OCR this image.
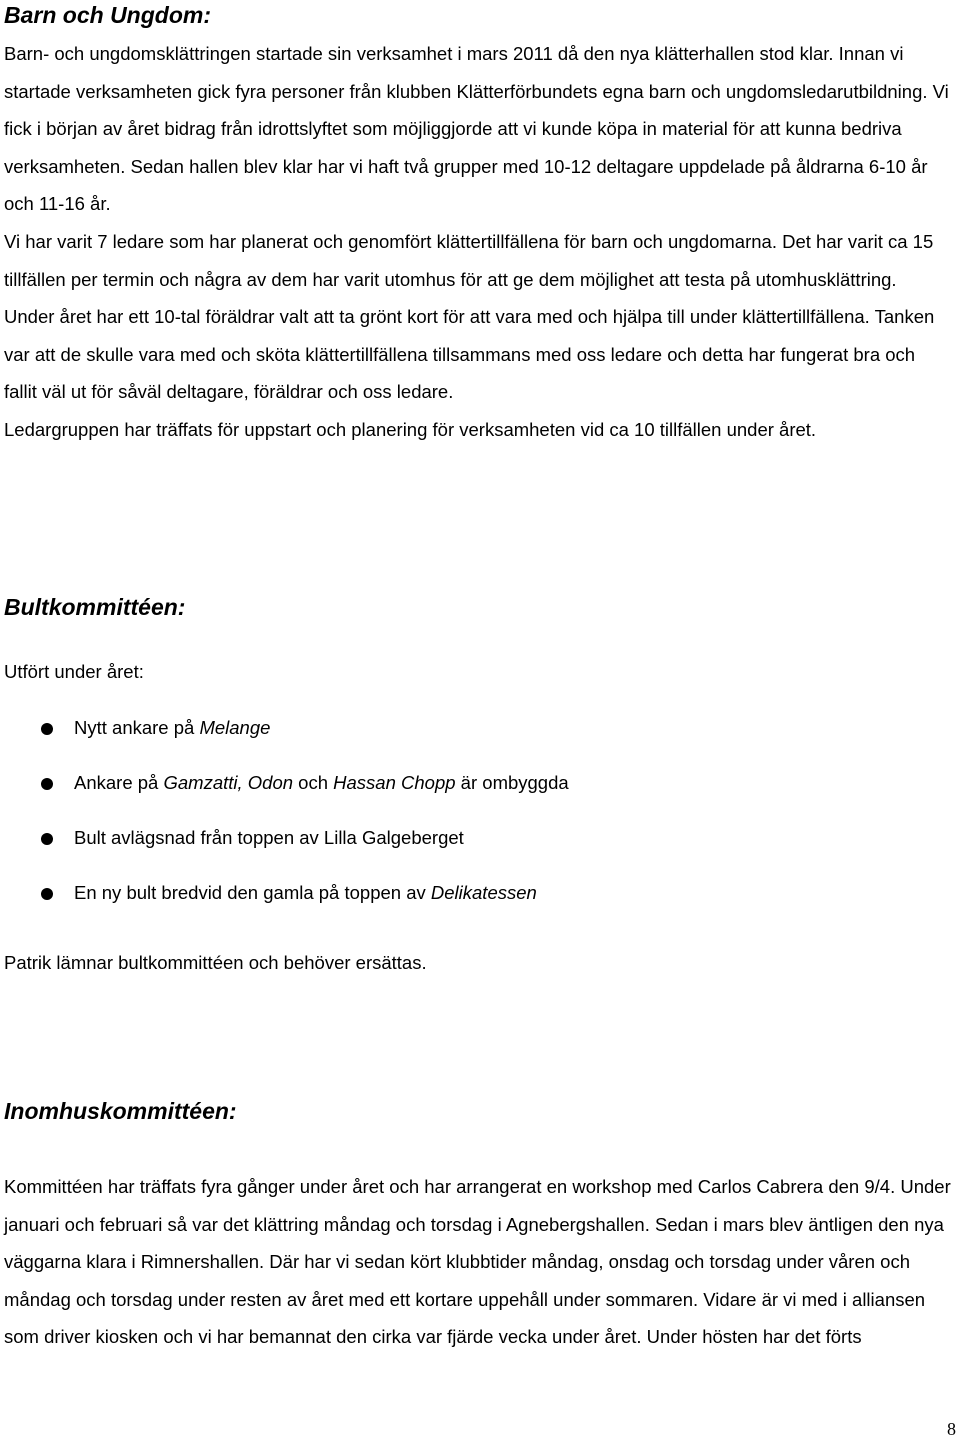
Barn och Ungdom:

Barn- och ungdomsklättringen startade sin verksamhet i mars 2011 då den nya klätterhallen stod klar. Innan vi startade verksamheten gick fyra personer från klubben Klätterförbundets egna barn och ungdomsledarutbildning. Vi fick i början av året bidrag från idrottslyftet som möjliggjorde att vi kunde köpa in material för att kunna bedriva verksamheten. Sedan hallen blev klar har vi haft två grupper med 10-12 deltagare uppdelade på åldrarna 6-10 år och 11-16 år.

Vi har varit 7 ledare som har planerat och genomfört klättertillfällena för barn och ungdomarna. Det har varit ca 15 tillfällen per termin och några av dem har varit utomhus för att ge dem möjlighet att testa på utomhusklättring.

Under året har ett 10-tal föräldrar valt att ta grönt kort för att vara med och hjälpa till under klättertillfällena. Tanken var att de skulle vara med och sköta klättertillfällena tillsammans med oss ledare och detta har fungerat bra och fallit väl ut för såväl deltagare, föräldrar och oss ledare.

Ledargruppen har träffats för uppstart och planering för verksamheten vid ca 10 tillfällen under året.

Bultkommittéen:

Utfört under året:

Nytt ankare på Melange
Ankare på Gamzatti, Odon och Hassan Chopp är ombyggda
Bult avlägsnad från toppen av Lilla Galgeberget
En ny bult bredvid den gamla på toppen av Delikatessen

Patrik lämnar bultkommittéen och behöver ersättas.

Inomhuskommittéen:

Kommittéen har träffats fyra gånger under året och har arrangerat en workshop med Carlos Cabrera den 9/4. Under januari och februari så var det klättring måndag och torsdag i Agnebergshallen. Sedan i mars blev äntligen den nya väggarna klara i Rimnershallen. Där har vi sedan kört klubbtider måndag, onsdag och torsdag under våren och måndag och torsdag under resten av året med ett kortare uppehåll under sommaren. Vidare är vi med i alliansen som driver kiosken och vi har bemannat den cirka var fjärde vecka under året. Under hösten har det förts

8
